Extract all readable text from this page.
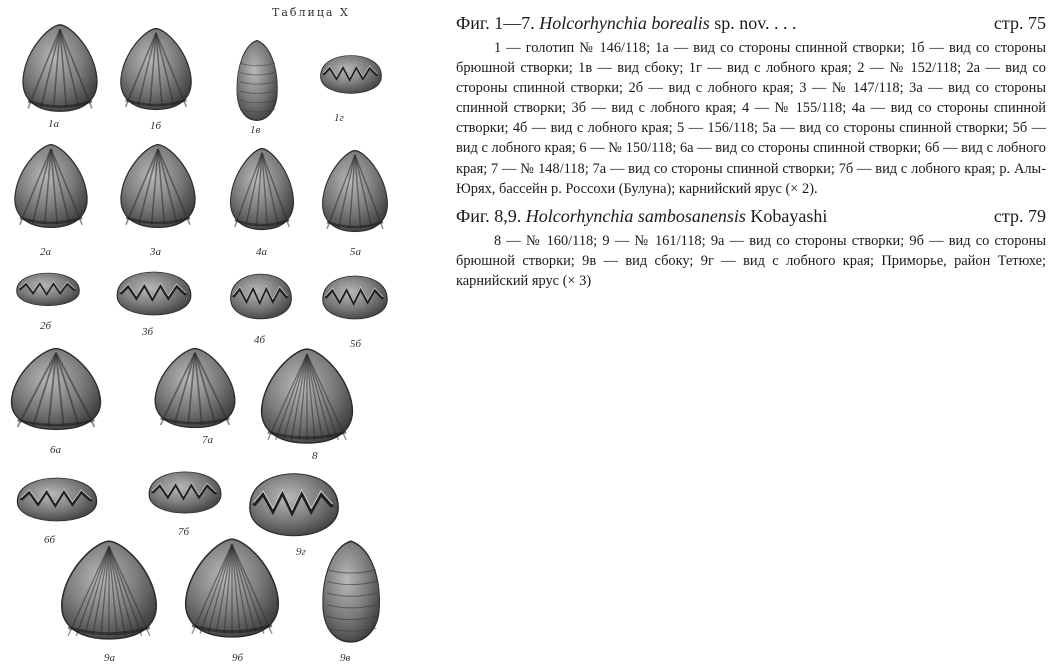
Таблица X
1а	1б	1в
1г
2а	3а	4а	5а
2б	3б
4б	5б
6а
7а
8
6б
7б
9г
9а	9б	9в
Фиг. 1—7. Holcorhynchia borealis sp. nov. . . .	стр. 75

1 — голотип № 146/118; 1а — вид со стороны спинной створки; 1б — вид со стороны брюшной створки; 1в — вид сбоку; 1г — вид с лобного края; 2 — № 152/118; 2а — вид со стороны спинной створки; 2б — вид с лобного края; 3 — № 147/118; 3а — вид со стороны спинной створки; 3б — вид с лобного края; 4 — № 155/118; 4а — вид со стороны спинной створки; 4б — вид с лобного края; 5 — 156/118; 5а — вид со стороны спинной створки; 5б — вид с лобного края; 6 — № 150/118; 6а — вид со стороны спинной створки; 6б — вид с лобного края; 7 — № 148/118; 7а — вид со стороны спинной створки; 7б — вид с лобного края; р. Алы-Юрях, бассейн р. Россохи (Булуна); карнийский ярус (× 2).

Фиг. 8,9. Holcorhynchia sambosanensis Kobayashi	стр. 79

8 — № 160/118; 9 — № 161/118; 9а — вид со стороны створки; 9б — вид со стороны брюшной створки; 9в — вид сбоку; 9г — вид с лобного края; Приморье, район Тетюхе; карнийский ярус (× 3)
